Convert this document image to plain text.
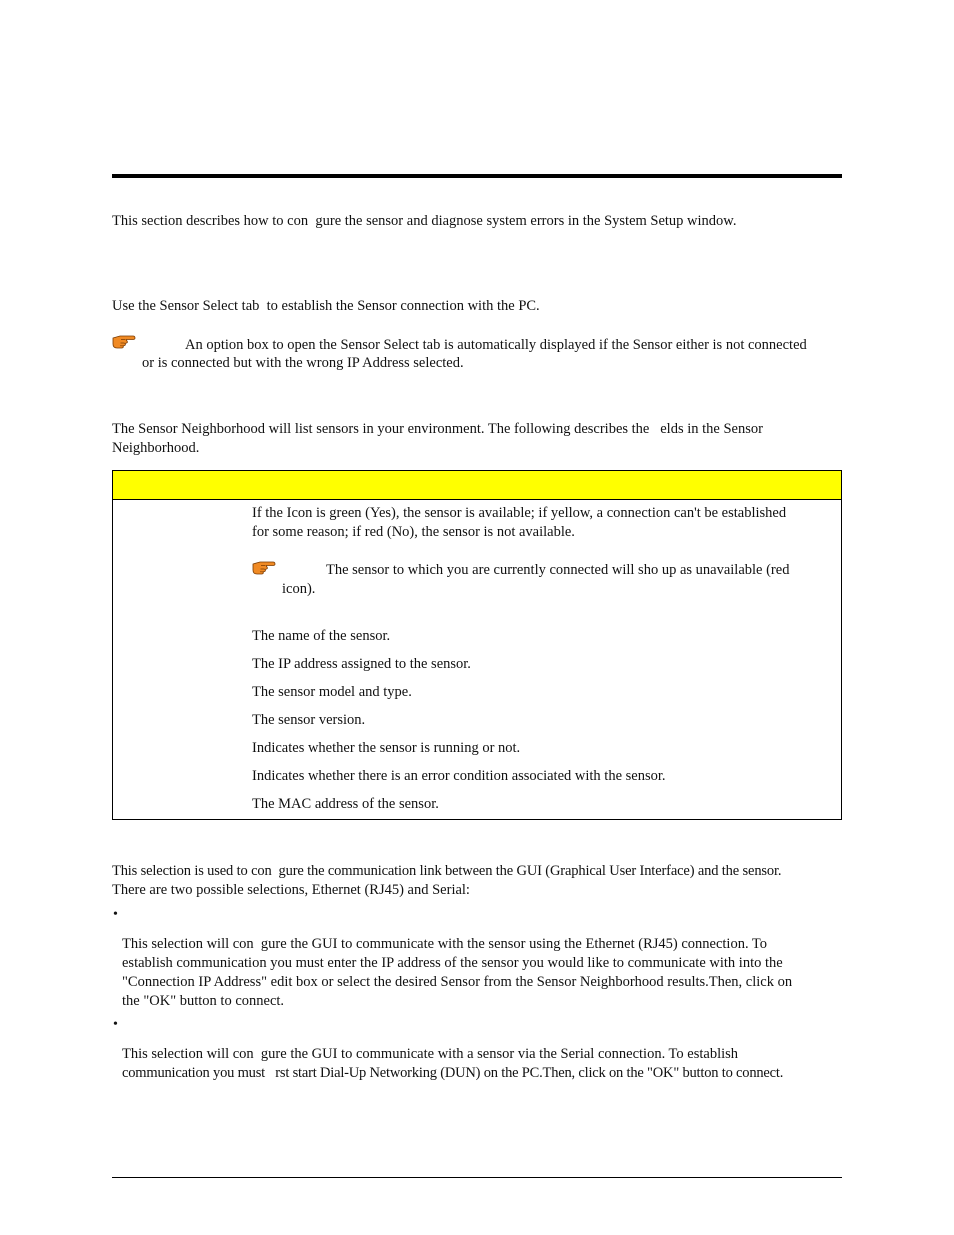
This section describes how to con  gure the sensor and diagnose system errors in the System Setup window.

Use the Sensor Select tab  to establish the Sensor connection with the PC.

An option box to open the Sensor Select tab is automatically displayed if the Sensor either is not connected

or is connected but with the wrong IP Address selected.

The Sensor Neighborhood will list sensors in your environment. The following describes the   elds in the Sensor

Neighborhood.

If the Icon is green (Yes), the sensor is available; if yellow, a connection can't be established
for some reason; if red (No), the sensor is not available.
The sensor to which you are currently connected will sho up as unavailable (red
icon).
The name of the sensor.
The IP address assigned to the sensor.
The sensor model and type.
The sensor version.
Indicates whether the sensor is running or not.
Indicates whether there is an error condition associated with the sensor.
The MAC address of the sensor.

This selection is used to con  gure the communication link between the GUI (Graphical User Interface) and the sensor.

There are two possible selections, Ethernet (RJ45) and Serial:

•

This selection will con  gure the GUI to communicate with the sensor using the Ethernet (RJ45) connection. To

establish communication you must enter the IP address of the sensor you would like to communicate with into the

"Connection IP Address" edit box or select the desired Sensor from the Sensor Neighborhood results.Then, click on

the "OK" button to connect.

•

This selection will con  gure the GUI to communicate with a sensor via the Serial connection. To establish

communication you must   rst start Dial-Up Networking (DUN) on the PC.Then, click on the "OK" button to connect.
